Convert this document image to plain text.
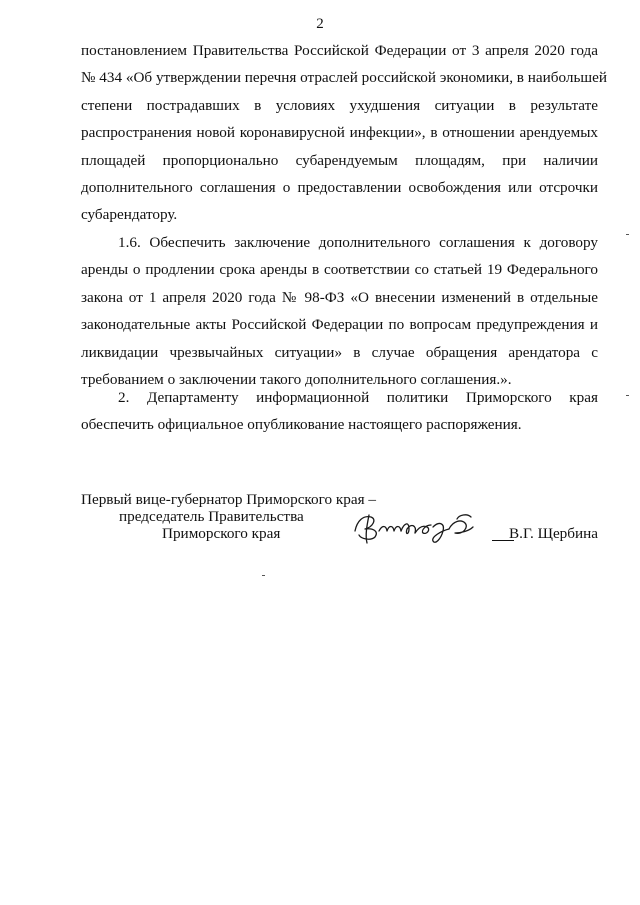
2

постановлением Правительства Российской Федерации от 3 апреля 2020 года
№ 434 «Об утверждении перечня отраслей российской экономики, в наибольшей
степени пострадавших в условиях ухудшения ситуации в результате
распространения новой коронавирусной инфекции», в отношении арендуемых
площадей пропорционально субарендуемым площадям, при наличии
дополнительного соглашения о предоставлении освобождения или отсрочки
субарендатору.

1.6. Обеспечить заключение дополнительного соглашения к договору
аренды о продлении срока аренды в соответствии со статьей 19 Федерального
закона от 1 апреля 2020 года № 98-ФЗ «О внесении изменений в отдельные
законодательные акты Российской Федерации по вопросам предупреждения и
ликвидации чрезвычайных ситуации» в случае обращения арендатора с
требованием о заключении такого дополнительного соглашения.».

2. Департаменту информационной политики Приморского края
обеспечить официальное опубликование настоящего распоряжения.

Первый вице-губернатор Приморского края –
председатель Правительства
Приморского края	В.Г. Щербина
